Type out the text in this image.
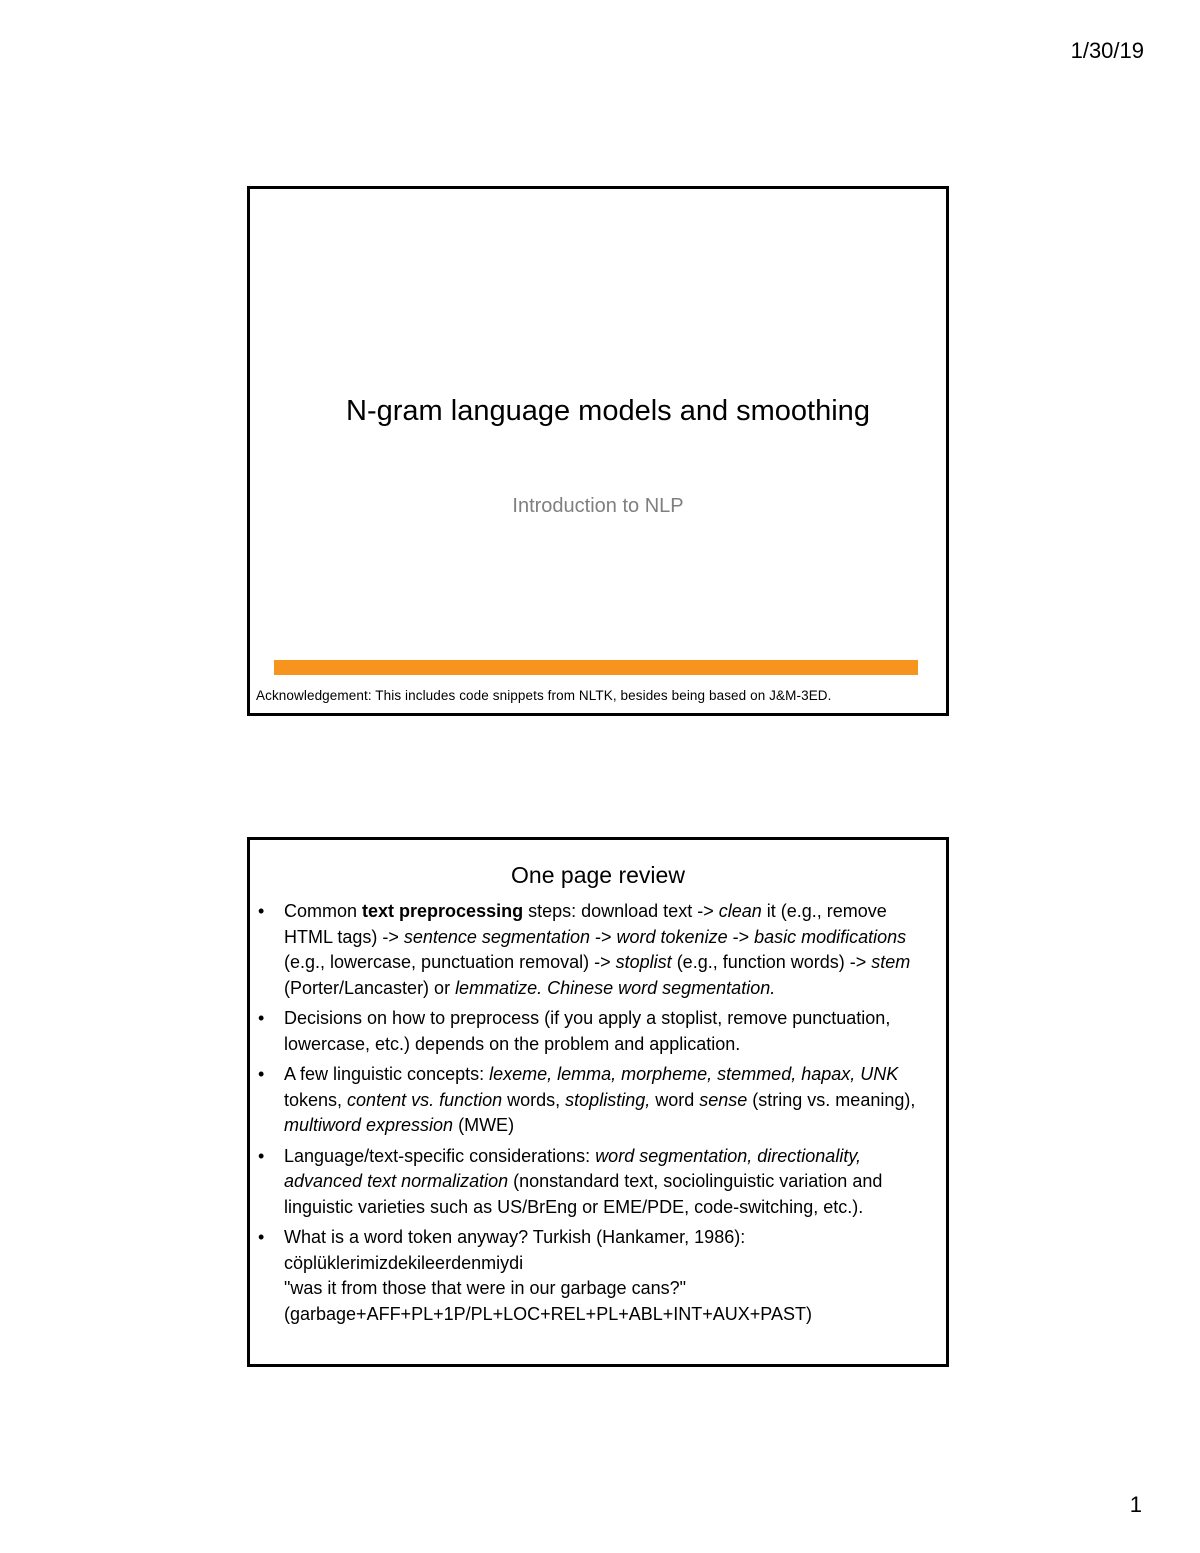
1/30/19
N-gram language models and smoothing
Introduction to NLP
Acknowledgement: This includes code snippets from NLTK, besides being based on J&M-3ED.
One page review
• Common text preprocessing steps: download text -> clean it (e.g., remove HTML tags) -> sentence segmentation -> word tokenize -> basic modifications (e.g., lowercase, punctuation removal) -> stoplist (e.g., function words) -> stem (Porter/Lancaster) or lemmatize. Chinese word segmentation.
• Decisions on how to preprocess (if you apply a stoplist, remove punctuation, lowercase, etc.) depends on the problem and application.
• A few linguistic concepts: lexeme, lemma, morpheme, stemmed, hapax, UNK tokens, content vs. function words, stoplisting, word sense (string vs. meaning), multiword expression (MWE)
• Language/text-specific considerations: word segmentation, directionality, advanced text normalization (nonstandard text, sociolinguistic variation and linguistic varieties such as US/BrEng or EME/PDE, code-switching, etc.).
• What is a word token anyway? Turkish (Hankamer, 1986):
cöplüklerimizdekileerdenmiydi
"was it from those that were in our garbage cans?"
(garbage+AFF+PL+1P/PL+LOC+REL+PL+ABL+INT+AUX+PAST)
1
